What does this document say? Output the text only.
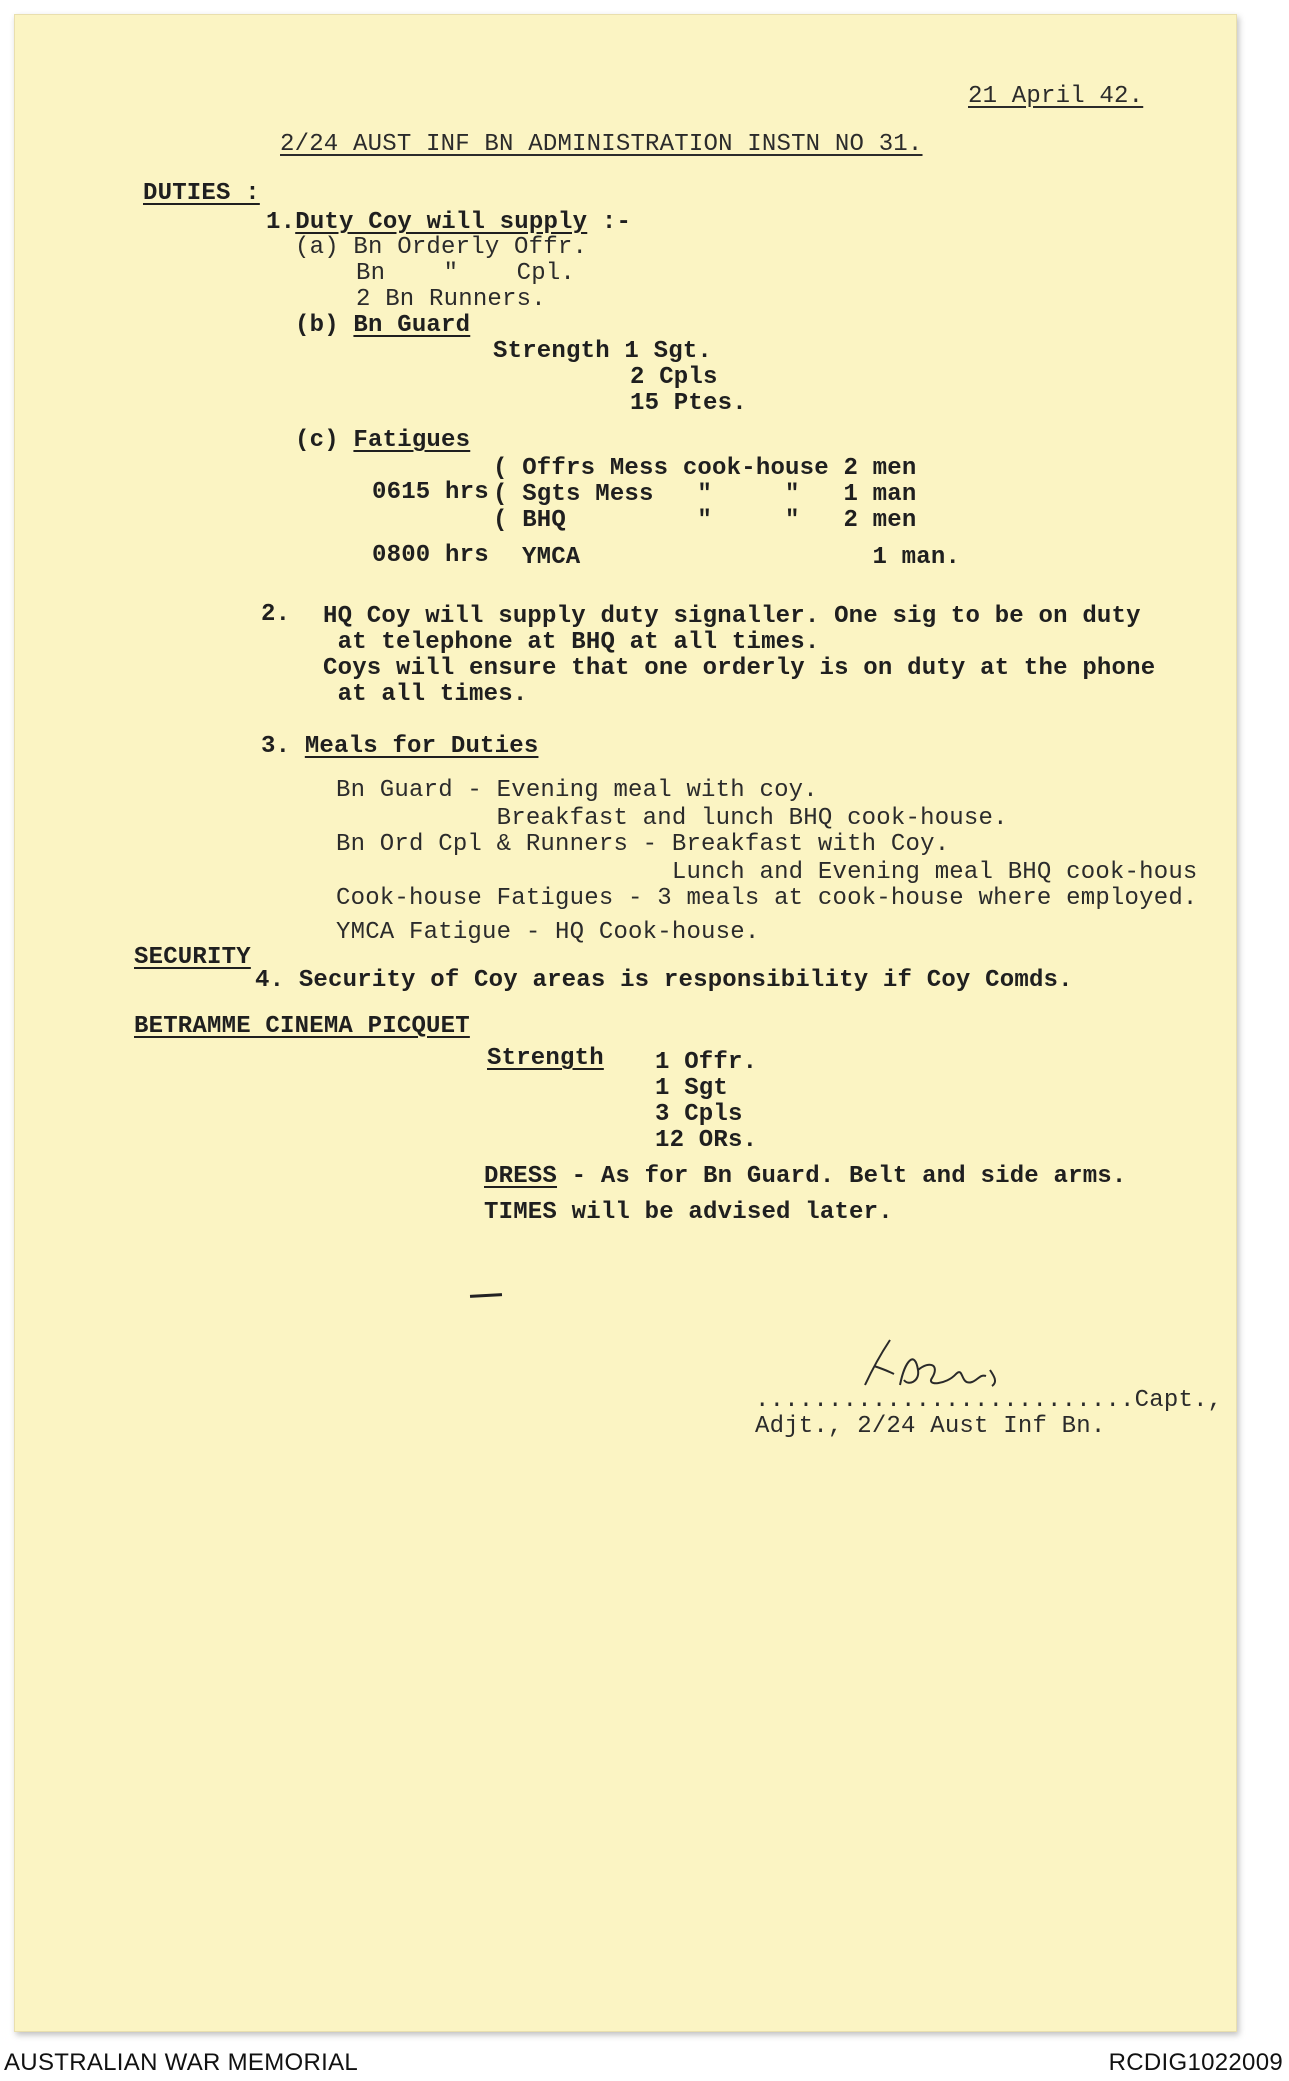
21 April 42.
2/24 AUST INF BN ADMINISTRATION INSTN NO 31.
DUTIES :
1.Duty Coy will supply :-
(a) Bn Orderly Offr.
Bn    "    Cpl.
2 Bn Runners.
(b) Bn Guard
Strength 1 Sgt.
2 Cpls
15 Ptes.
(c) Fatigues
0615 hrs
( Offrs Mess cook-house 2 men
( Sgts Mess   "     "   1 man
( BHQ         "     "   2 men
0800 hrs YMCA                    1 man.
2. HQ Coy will supply duty signaller. One sig to be on duty
at telephone at BHQ at all times.
Coys will ensure that one orderly is on duty at the phone
at all times.
3. Meals for Duties
Bn Guard - Evening meal with coy.
Breakfast and lunch BHQ cook-house.
Bn Ord Cpl & Runners - Breakfast with Coy.
Lunch and Evening meal BHQ cook-hous
Cook-house Fatigues - 3 meals at cook-house where employed.
YMCA Fatigue - HQ Cook-house.
SECURITY
4. Security of Coy areas is responsibility if Coy Comds.
BETRAMME CINEMA PICQUET
Strength 1 Offr.
1 Sgt
3 Cpls
12 ORs.
DRESS - As for Bn Guard. Belt and side arms.
TIMES will be advised later.
..........................Capt.,
Adjt., 2/24 Aust Inf Bn.
AUSTRALIAN WAR MEMORIAL	RCDIG1022009
